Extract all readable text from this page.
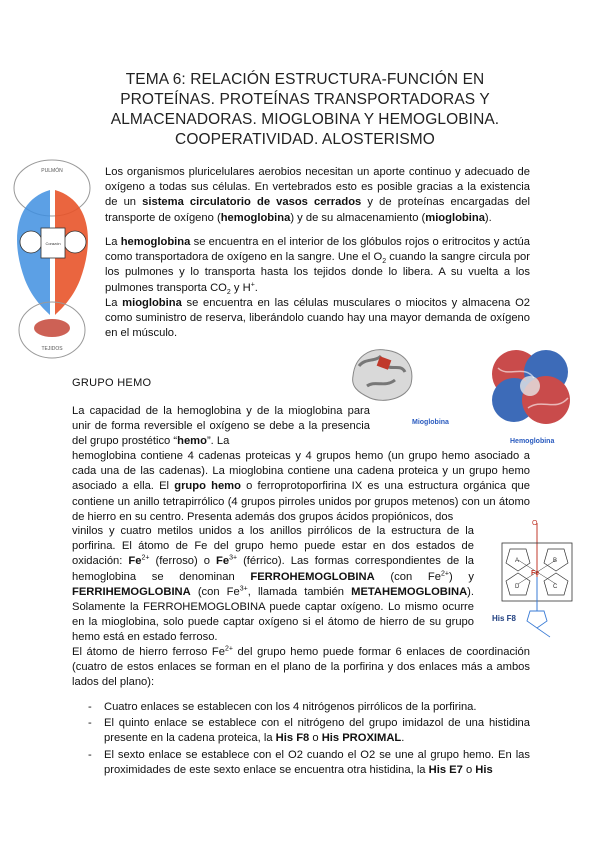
TEMA 6: RELACIÓN ESTRUCTURA-FUNCIÓN EN PROTEÍNAS. PROTEÍNAS TRANSPORTADORAS Y ALMACENADORAS. MIOGLOBINA Y HEMOGLOBINA. COOPERATIVIDAD. ALOSTERISMO
PULMÓN
Corazón
TEJIDOS

Los organismos pluricelulares aerobios necesitan un aporte continuo y adecuado de oxígeno a todas sus células. En vertebrados esto es posible gracias a la existencia de un sistema circulatorio de vasos cerrados y de proteínas encargadas del transporte de oxígeno (hemoglobina) y de su almacenamiento (mioglobina).

La hemoglobina se encuentra en el interior de los glóbulos rojos o eritrocitos y actúa como transportadora de oxígeno en la sangre. Une el $O_2$ cuando la sangre circula por los pulmones y lo transporta hasta los tejidos donde lo libera. A su vuelta a los pulmones transporta $CO_2$ y H+.

La mioglobina se encuentra en las células musculares o miocitos y almacena O2 como suministro de reserva, liberándolo cuando hay una mayor demanda de oxígeno en el músculo.

Mioglobina
Hemoglobina

GRUPO HEMO

La capacidad de la hemoglobina y de la mioglobina para unir de forma reversible el oxígeno se debe a la presencia del grupo prostético “hemo”. La

hemoglobina contiene 4 cadenas proteicas y 4 grupos hemo (un grupo hemo asociado a cada una de las cadenas). La mioglobina contiene una cadena proteica y un grupo hemo asociado a ella. El grupo hemo o ferroprotoporfirina IX es una estructura orgánica que contiene un anillo tetrapirrólico (4 grupos pirroles unidos por grupos metenos) con un átomo de hierro en su centro. Presenta además dos grupos ácidos propiónicos, dos

vinilos y cuatro metilos unidos a los anillos pirrólicos de la estructura de la porfirina. El átomo de Fe del grupo hemo puede estar en dos estados de oxidación: $Fe^{2+}$ (ferroso) o $Fe^{3+}$ (férrico). Las formas correspondientes de la hemoglobina se denominan FERROHEMOGLOBINA (con $Fe^{2+}$) y FERRIHEMOGLOBINA (con $Fe^{3+}$, llamada también METAHEMOGLOBINA). Solamente la FERROHEMOGLOBINA puede captar oxígeno. Lo mismo ocurre en la mioglobina, solo puede captar oxígeno si el átomo de hierro de su grupo hemo está en estado ferroso.

O
A	B
C
D
Fe
His F8

El átomo de hierro ferroso $Fe^{2+}$ del grupo hemo puede formar 6 enlaces de coordinación (cuatro de estos enlaces se forman en el plano de la porfirina y dos enlaces más a ambos lados del plano):

- Cuatro enlaces se establecen con los 4 nitrógenos pirrólicos de la porfirina.
- El quinto enlace se establece con el nitrógeno del grupo imidazol de una histidina presente en la cadena proteica, la His F8 o His PROXIMAL.
- El sexto enlace se establece con el O2 cuando el O2 se une al grupo hemo. En las proximidades de este sexto enlace se encuentra otra histidina, la His E7 o His
